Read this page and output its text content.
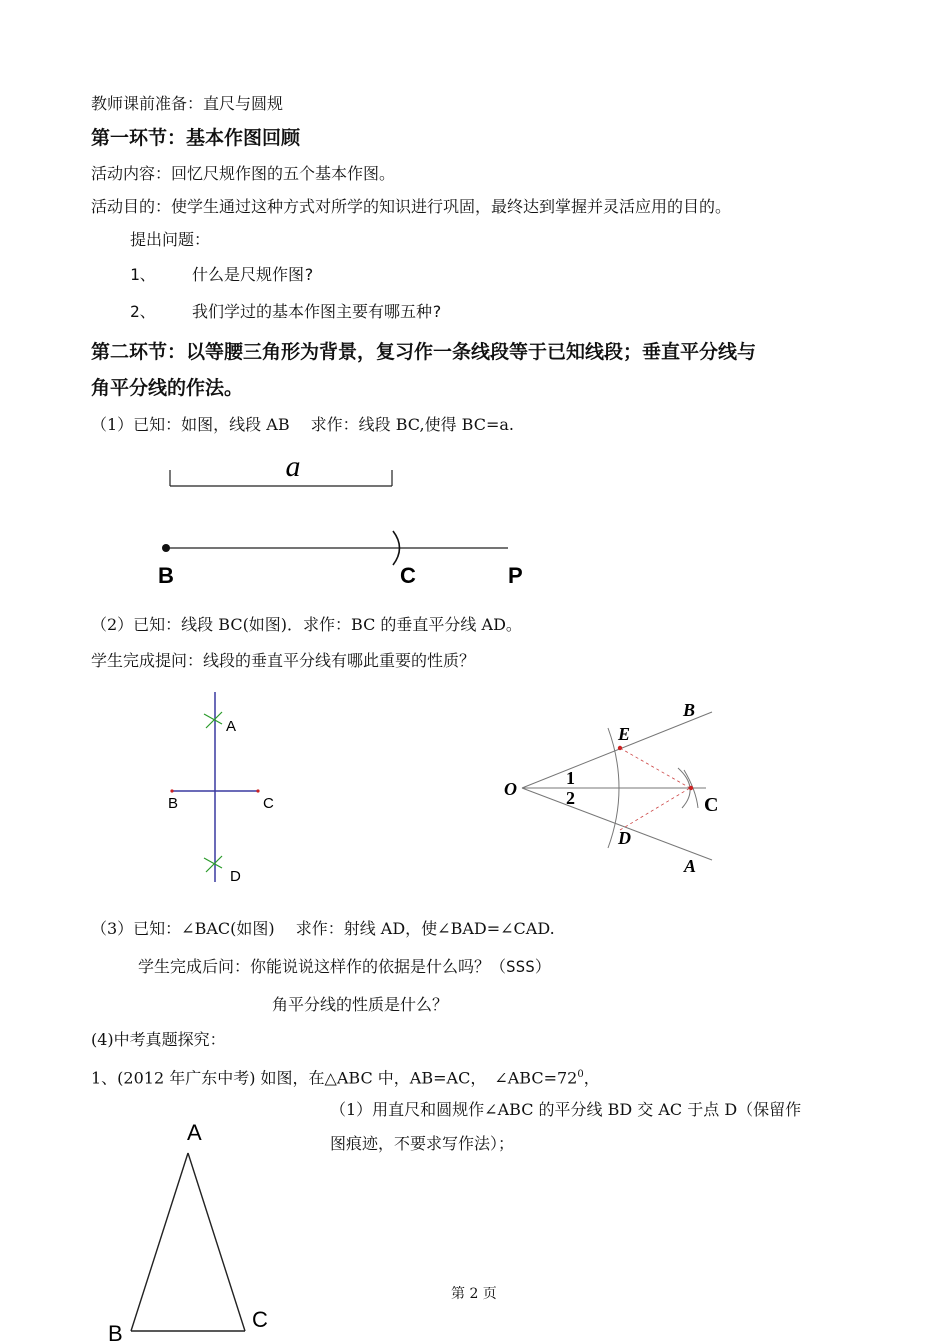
教师课前准备：直尺与圆规
第一环节：基本作图回顾
活动内容：回忆尺规作图的五个基本作图。
活动目的：使学生通过这种方式对所学的知识进行巩固，最终达到掌握并灵活应用的目的。
提出问题：
1、 什么是尺规作图?
2、 我们学过的基本作图主要有哪五种?
第二环节：以等腰三角形为背景，复习作一条线段等于已知线段；垂直平分线与
角平分线的作法。
（1）已知：如图，线段 AB　 求作：线段 BC,使得 BC=a.
a
B	C	P
（2）已知：线段 BC(如图)．求作：BC 的垂直平分线 AD。
学生完成提问：线段的垂直平分线有哪此重要的性质？
A
B	C
D
O
B
E
1
2	C
D
A
（3）已知：∠BAC(如图)　 求作：射线 AD，使∠BAD=∠CAD.
学生完成后问：你能说说这样作的依据是什么吗？（SSS）
角平分线的性质是什么？
(4)中考真题探究：
1、(2012 年广东中考) 如图，在△ABC 中，AB=AC，　$\angle ABC=72^0$，
（1）用直尺和圆规作∠ABC 的平分线 BD 交 AC 于点 D（保留作
图痕迹，不要求写作法）；
A
B
C
第 2 页
